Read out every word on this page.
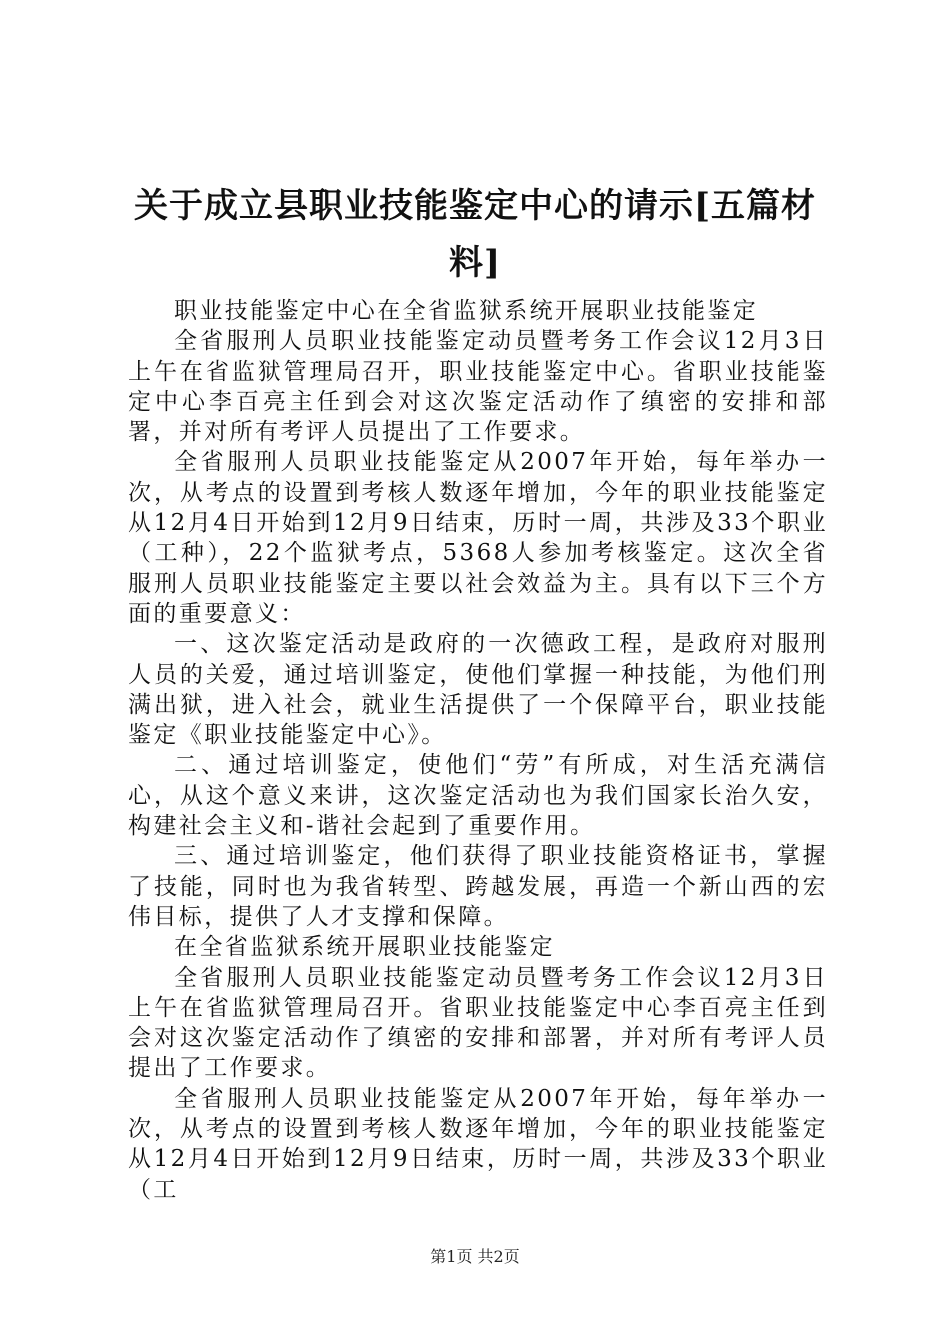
关于成立县职业技能鉴定中心的请示[五篇材料]

职业技能鉴定中心在全省监狱系统开展职业技能鉴定

全省服刑人员职业技能鉴定动员暨考务工作会议12月3日上午在省监狱管理局召开，职业技能鉴定中心。省职业技能鉴定中心李百亮主任到会对这次鉴定活动作了缜密的安排和部署，并对所有考评人员提出了工作要求。

全省服刑人员职业技能鉴定从2007年开始，每年举办一次，从考点的设置到考核人数逐年增加，今年的职业技能鉴定从12月4日开始到12月9日结束，历时一周，共涉及33个职业（工种），22个监狱考点，5368人参加考核鉴定。这次全省服刑人员职业技能鉴定主要以社会效益为主。具有以下三个方面的重要意义：

一、这次鉴定活动是政府的一次德政工程，是政府对服刑人员的关爱，通过培训鉴定，使他们掌握一种技能，为他们刑满出狱，进入社会，就业生活提供了一个保障平台，职业技能鉴定《职业技能鉴定中心》。

二、通过培训鉴定，使他们“劳”有所成，对生活充满信心，从这个意义来讲，这次鉴定活动也为我们国家长治久安，构建社会主义和-谐社会起到了重要作用。

三、通过培训鉴定，他们获得了职业技能资格证书，掌握了技能，同时也为我省转型、跨越发展，再造一个新山西的宏伟目标，提供了人才支撑和保障。

在全省监狱系统开展职业技能鉴定

全省服刑人员职业技能鉴定动员暨考务工作会议12月3日上午在省监狱管理局召开。省职业技能鉴定中心李百亮主任到会对这次鉴定活动作了缜密的安排和部署，并对所有考评人员提出了工作要求。

全省服刑人员职业技能鉴定从2007年开始，每年举办一次，从考点的设置到考核人数逐年增加，今年的职业技能鉴定从12月4日开始到12月9日结束，历时一周，共涉及33个职业（工

第1页 共2页
